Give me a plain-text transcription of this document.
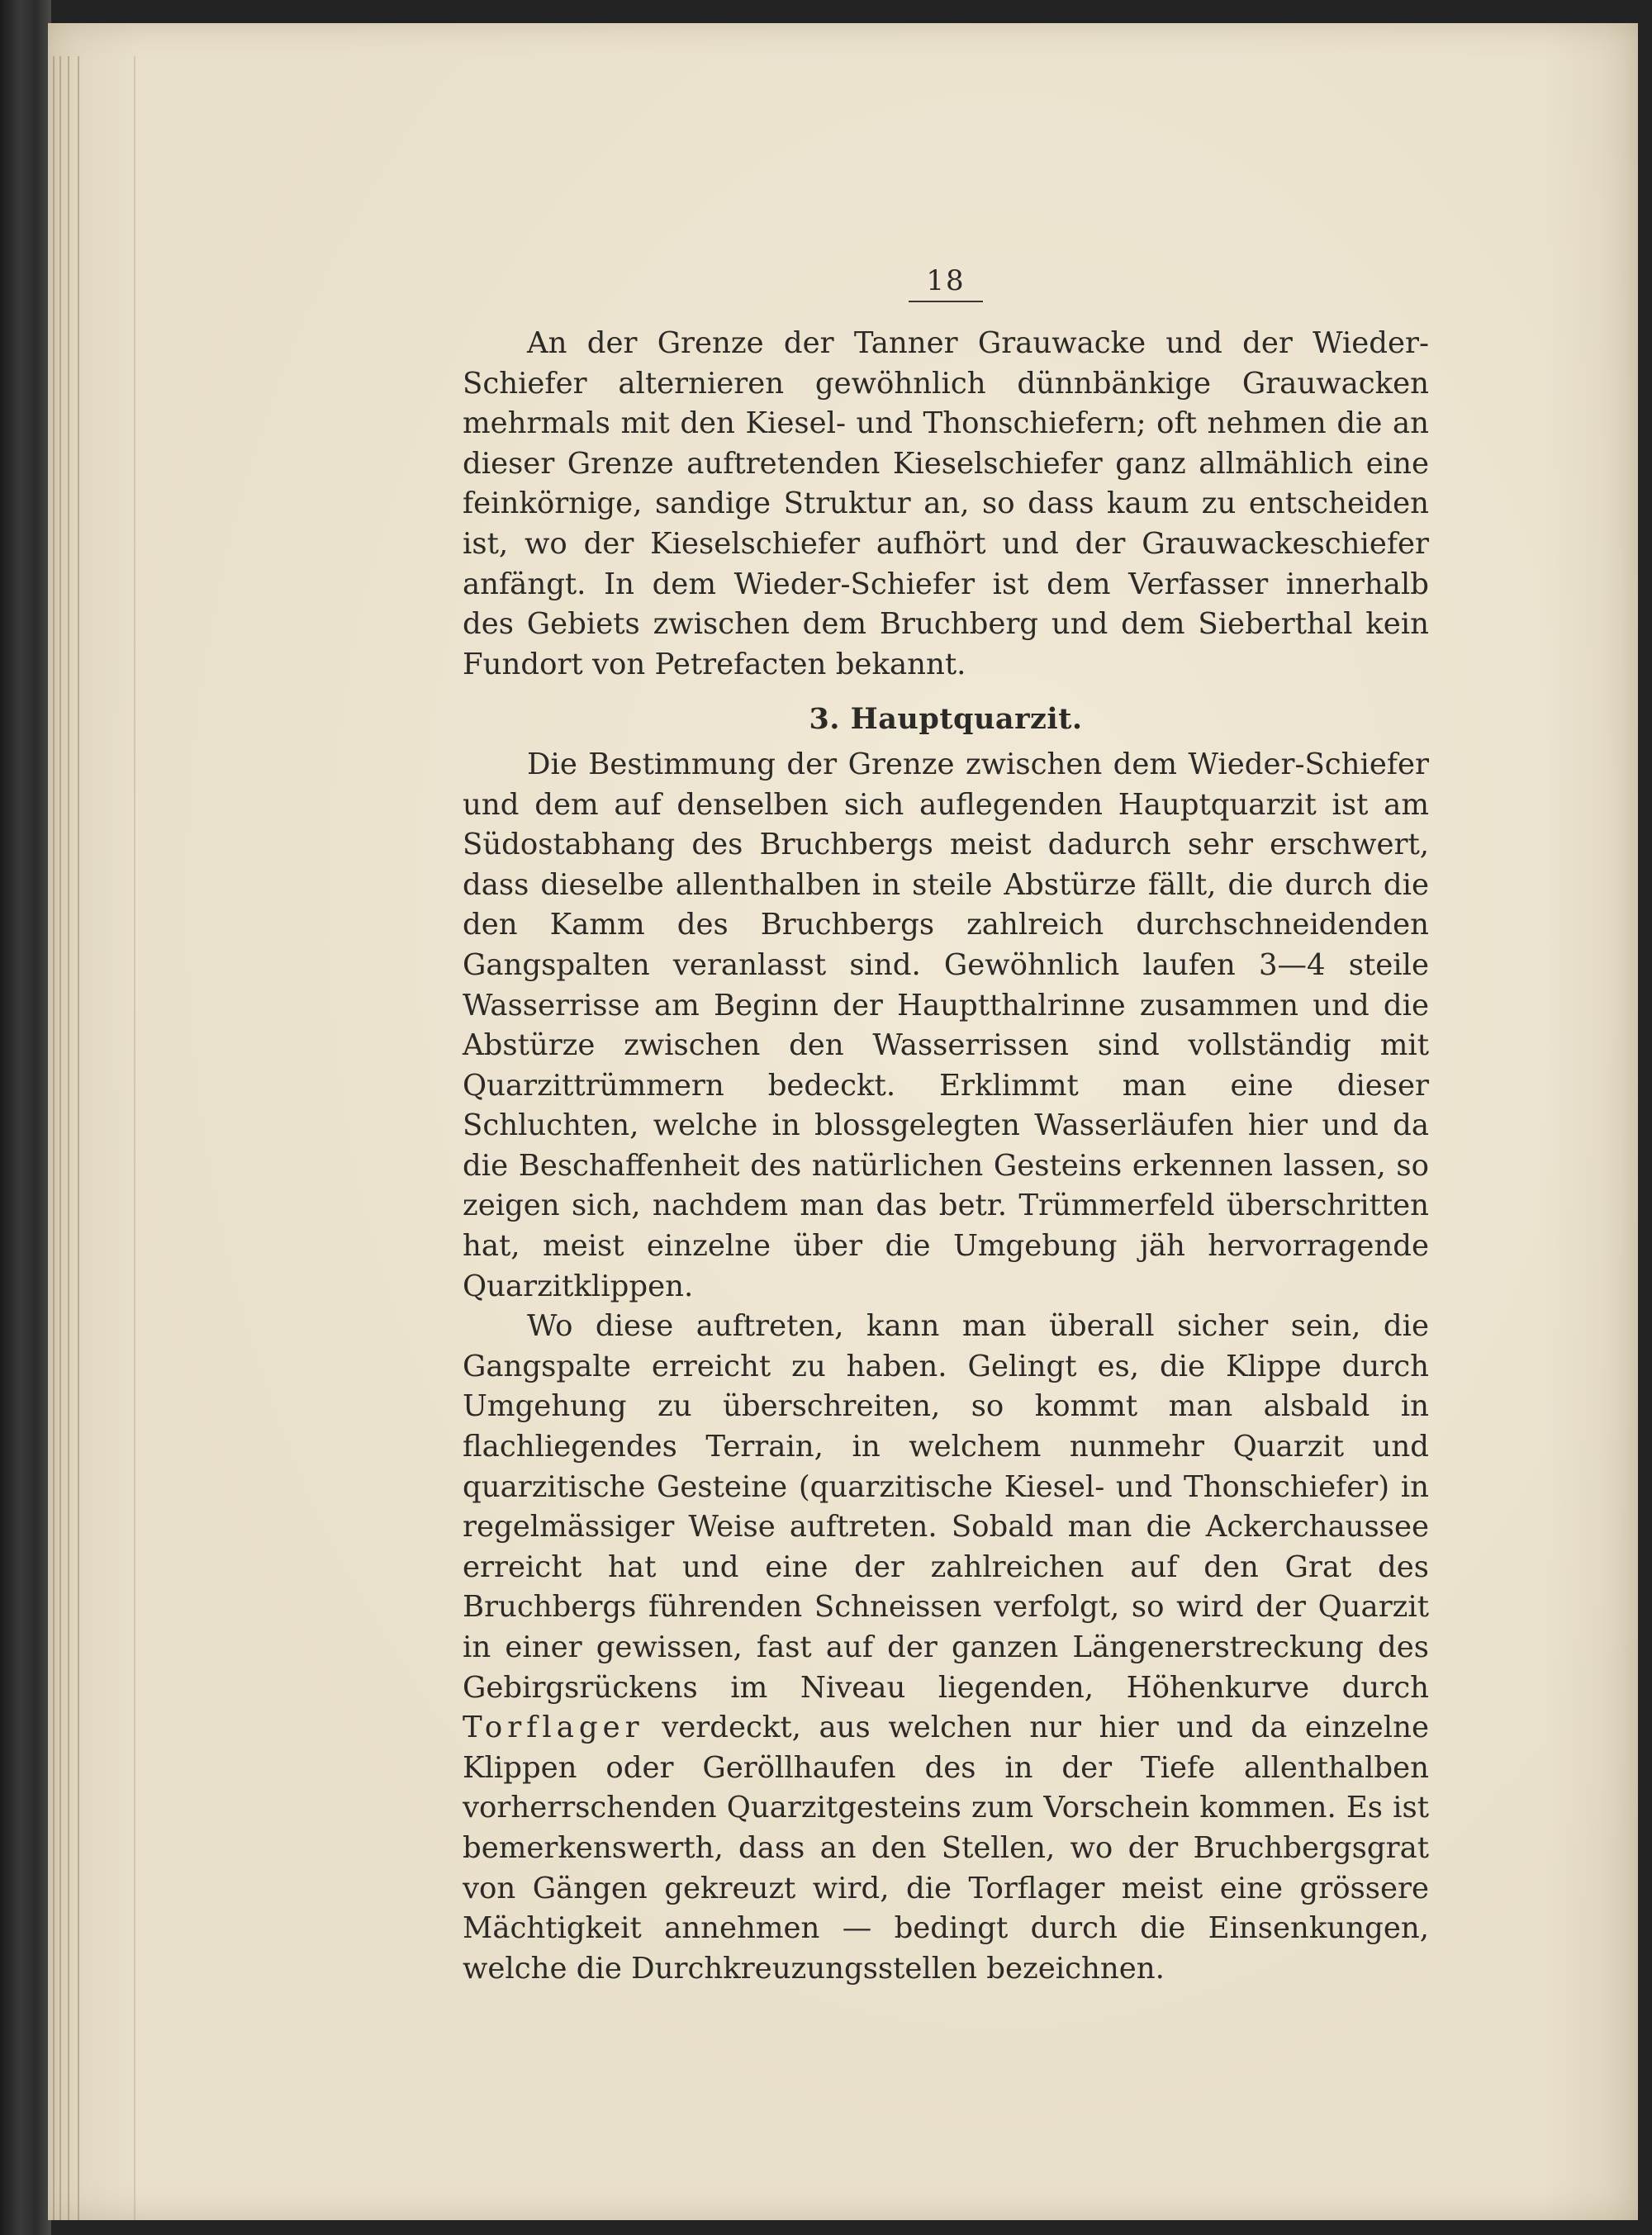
18

An der Grenze der Tanner Grauwacke und der Wieder-Schiefer alternieren gewöhnlich dünnbänkige Grauwacken mehrmals mit den Kiesel- und Thonschiefern; oft nehmen die an dieser Grenze auftretenden Kieselschiefer ganz allmählich eine feinkörnige, sandige Struktur an, so dass kaum zu entscheiden ist, wo der Kieselschiefer aufhört und der Grauwackeschiefer anfängt. In dem Wieder-Schiefer ist dem Verfasser innerhalb des Gebiets zwischen dem Bruchberg und dem Sieberthal kein Fundort von Petrefacten bekannt.

3. Hauptquarzit.

Die Bestimmung der Grenze zwischen dem Wieder-Schiefer und dem auf denselben sich auflegenden Hauptquarzit ist am Südostabhang des Bruchbergs meist dadurch sehr erschwert, dass dieselbe allenthalben in steile Abstürze fällt, die durch die den Kamm des Bruchbergs zahlreich durchschneidenden Gangspalten veranlasst sind. Gewöhnlich laufen 3—4 steile Wasserrisse am Beginn der Hauptthalrinne zusammen und die Abstürze zwischen den Wasserrissen sind vollständig mit Quarzittrümmern bedeckt. Erklimmt man eine dieser Schluchten, welche in blossgelegten Wasserläufen hier und da die Beschaffenheit des natürlichen Gesteins erkennen lassen, so zeigen sich, nachdem man das betr. Trümmerfeld überschritten hat, meist einzelne über die Umgebung jäh hervorragende Quarzitklippen.

Wo diese auftreten, kann man überall sicher sein, die Gangspalte erreicht zu haben. Gelingt es, die Klippe durch Umgehung zu überschreiten, so kommt man alsbald in flachliegendes Terrain, in welchem nunmehr Quarzit und quarzitische Gesteine (quarzitische Kiesel- und Thonschiefer) in regelmässiger Weise auftreten. Sobald man die Ackerchaussee erreicht hat und eine der zahlreichen auf den Grat des Bruchbergs führenden Schneissen verfolgt, so wird der Quarzit in einer gewissen, fast auf der ganzen Längenerstreckung des Gebirgsrückens im Niveau liegenden, Höhenkurve durch Torflager verdeckt, aus welchen nur hier und da einzelne Klippen oder Geröllhaufen des in der Tiefe allenthalben vorherrschenden Quarzitgesteins zum Vorschein kommen. Es ist bemerkenswerth, dass an den Stellen, wo der Bruchbergsgrat von Gängen gekreuzt wird, die Torflager meist eine grössere Mächtigkeit annehmen — bedingt durch die Einsenkungen, welche die Durchkreuzungsstellen bezeichnen.
